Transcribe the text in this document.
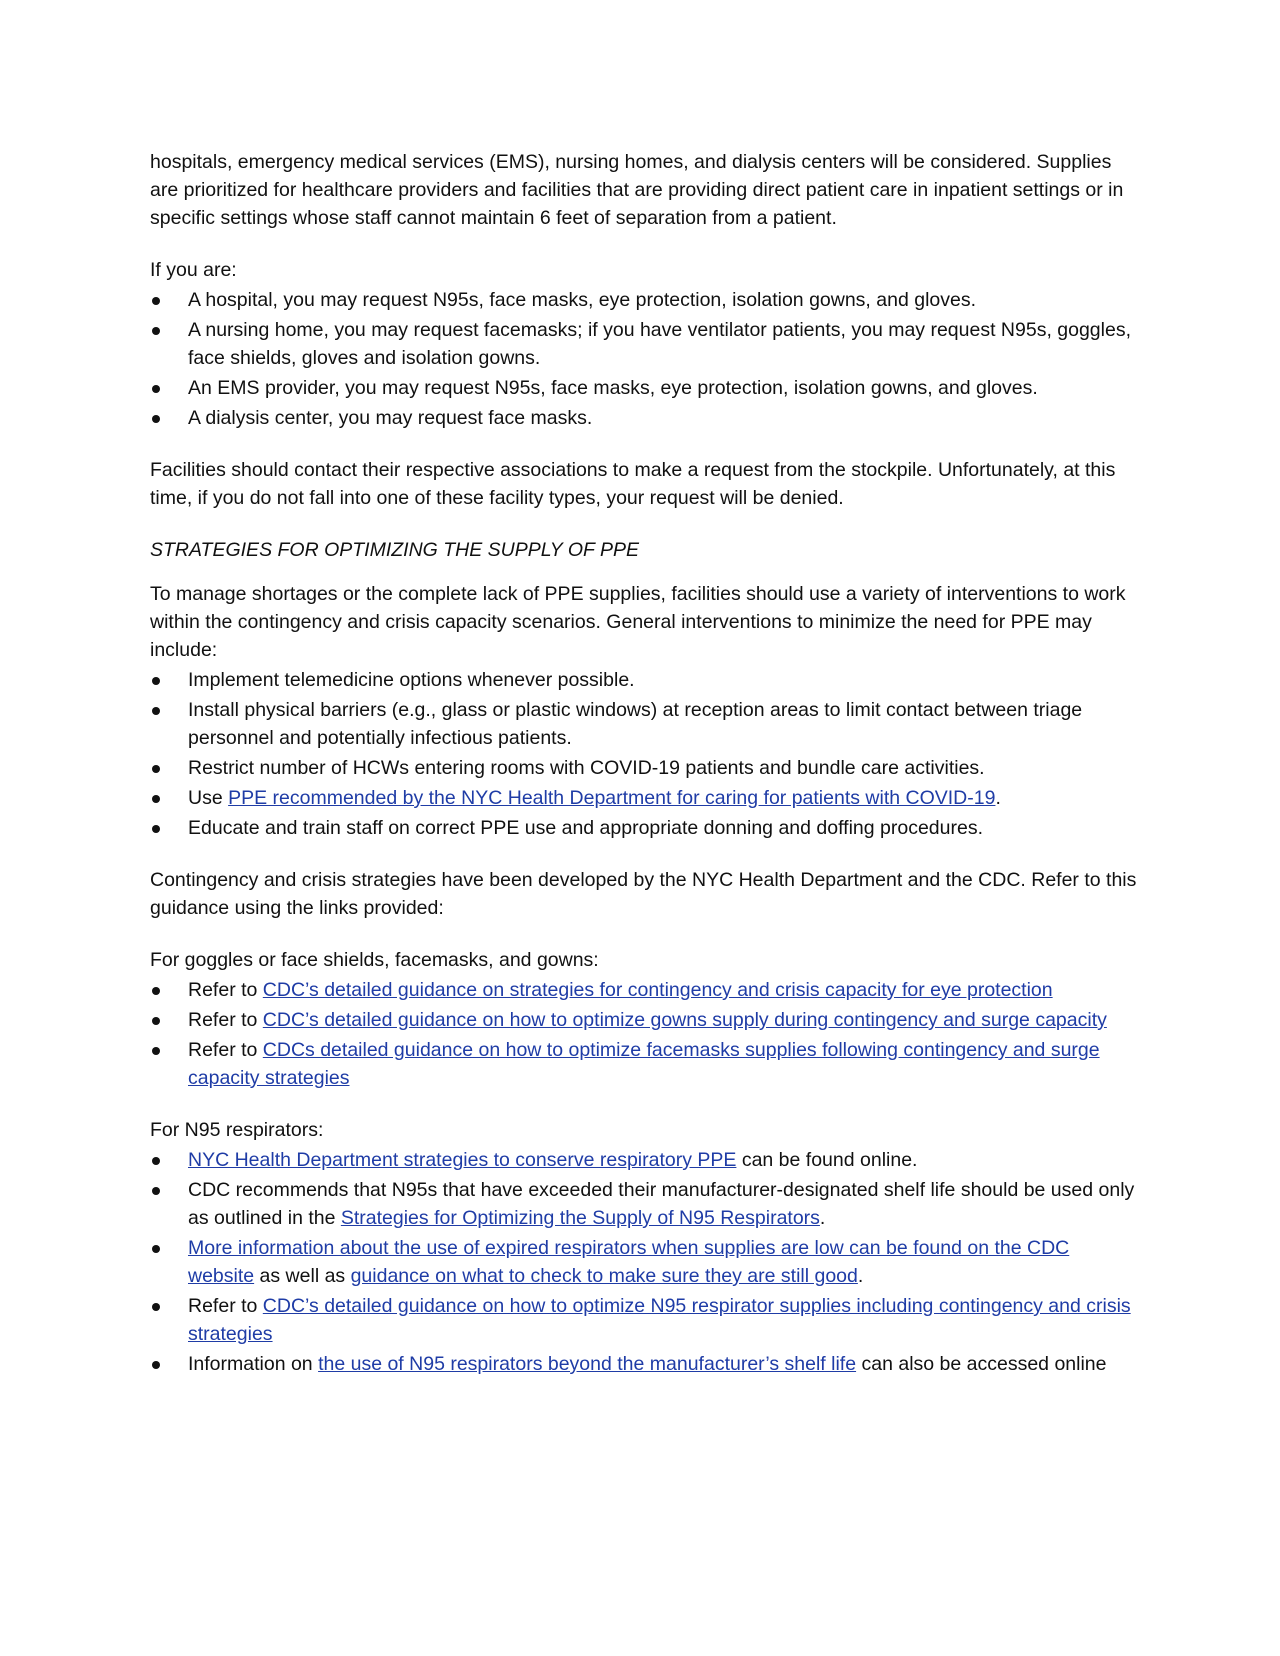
hospitals, emergency medical services (EMS), nursing homes, and dialysis centers will be considered. Supplies are prioritized for healthcare providers and facilities that are providing direct patient care in inpatient settings or in specific settings whose staff cannot maintain 6 feet of separation from a patient.

If you are:

A hospital, you may request N95s, face masks, eye protection, isolation gowns, and gloves.
A nursing home, you may request facemasks; if you have ventilator patients, you may request N95s, goggles, face shields, gloves and isolation gowns.
An EMS provider, you may request N95s, face masks, eye protection, isolation gowns, and gloves.
A dialysis center, you may request face masks.

Facilities should contact their respective associations to make a request from the stockpile. Unfortunately, at this time, if you do not fall into one of these facility types, your request will be denied.

STRATEGIES FOR OPTIMIZING THE SUPPLY OF PPE

To manage shortages or the complete lack of PPE supplies, facilities should use a variety of interventions to work within the contingency and crisis capacity scenarios. General interventions to minimize the need for PPE may include:

Implement telemedicine options whenever possible.
Install physical barriers (e.g., glass or plastic windows) at reception areas to limit contact between triage personnel and potentially infectious patients.
Restrict number of HCWs entering rooms with COVID-19 patients and bundle care activities.
Use PPE recommended by the NYC Health Department for caring for patients with COVID-19.
Educate and train staff on correct PPE use and appropriate donning and doffing procedures.

Contingency and crisis strategies have been developed by the NYC Health Department and the CDC. Refer to this guidance using the links provided:

For goggles or face shields, facemasks, and gowns:

Refer to CDC’s detailed guidance on strategies for contingency and crisis capacity for eye protection
Refer to CDC’s detailed guidance on how to optimize gowns supply during contingency and surge capacity
Refer to CDCs detailed guidance on how to optimize facemasks supplies following contingency and surge capacity strategies

For N95 respirators:

NYC Health Department strategies to conserve respiratory PPE can be found online.
CDC recommends that N95s that have exceeded their manufacturer-designated shelf life should be used only as outlined in the Strategies for Optimizing the Supply of N95 Respirators.
More information about the use of expired respirators when supplies are low can be found on the CDC website as well as guidance on what to check to make sure they are still good.
Refer to CDC’s detailed guidance on how to optimize N95 respirator supplies including contingency and crisis strategies
Information on the use of N95 respirators beyond the manufacturer’s shelf life can also be accessed online
